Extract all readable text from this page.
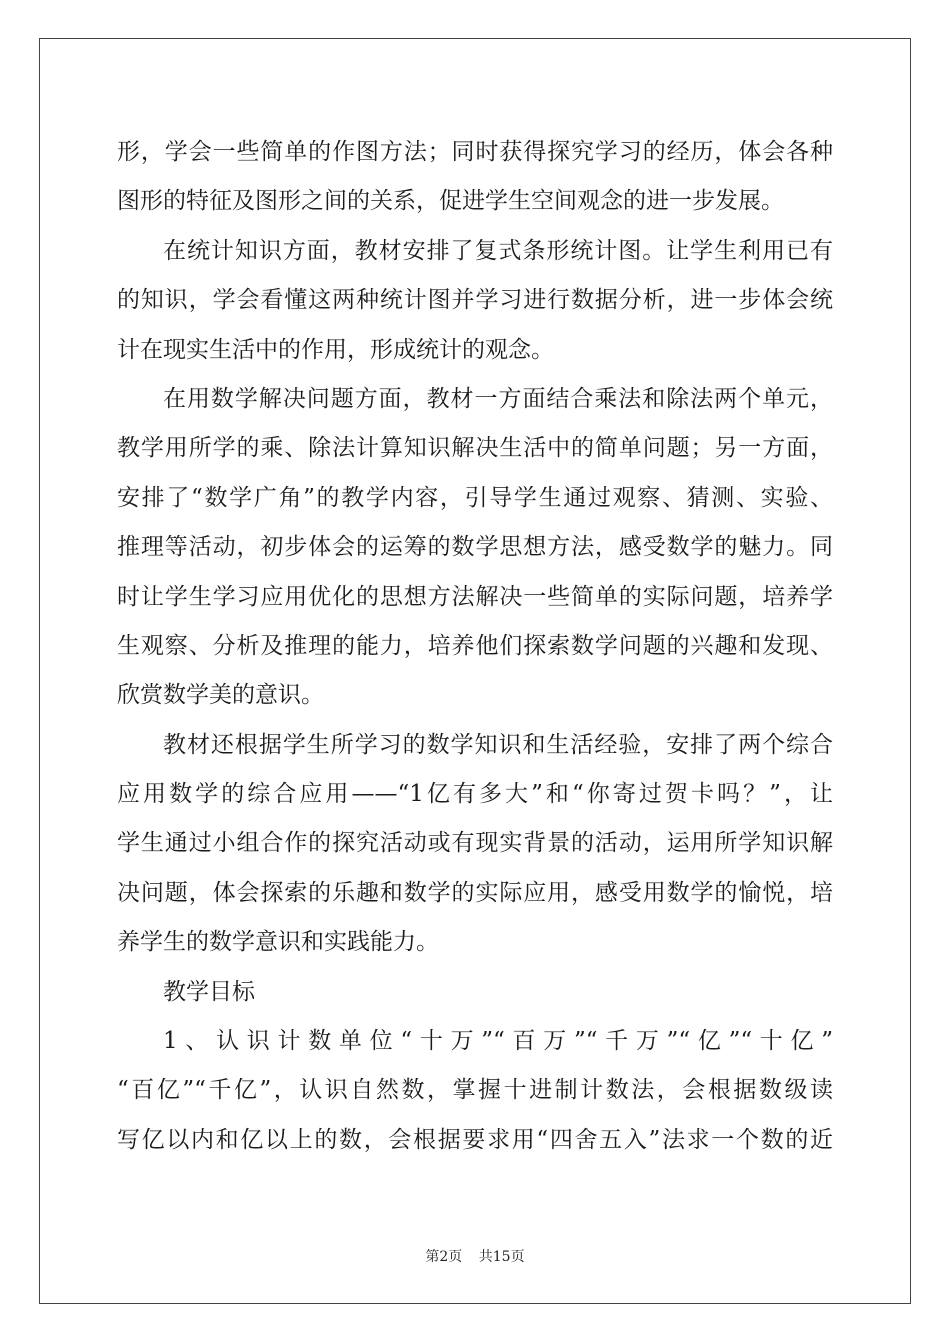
形，学会一些简单的作图方法；同时获得探究学习的经历，体会各种
图形的特征及图形之间的关系，促进学生空间观念的进一步发展。
在统计知识方面，教材安排了复式条形统计图。让学生利用已有
的知识，学会看懂这两种统计图并学习进行数据分析，进一步体会统
计在现实生活中的作用，形成统计的观念。
在用数学解决问题方面，教材一方面结合乘法和除法两个单元，
教学用所学的乘、除法计算知识解决生活中的简单问题；另一方面，
安排了“数学广角”的教学内容，引导学生通过观察、猜测、实验、
推理等活动，初步体会的运筹的数学思想方法，感受数学的魅力。同
时让学生学习应用优化的思想方法解决一些简单的实际问题，培养学
生观察、分析及推理的能力，培养他们探索数学问题的兴趣和发现、
欣赏数学美的意识。
教材还根据学生所学习的数学知识和生活经验，安排了两个综合
应用数学的综合应用——“1亿有多大”和“你寄过贺卡吗？”，让
学生通过小组合作的探究活动或有现实背景的活动，运用所学知识解
决问题，体会探索的乐趣和数学的实际应用，感受用数学的愉悦，培
养学生的数学意识和实践能力。
教学目标
1、认识计数单位“十万”“百万”“千万”“亿”“十亿”
“百亿”“千亿”，认识自然数，掌握十进制计数法，会根据数级读
写亿以内和亿以上的数，会根据要求用“四舍五入”法求一个数的近
第2页 共15页
